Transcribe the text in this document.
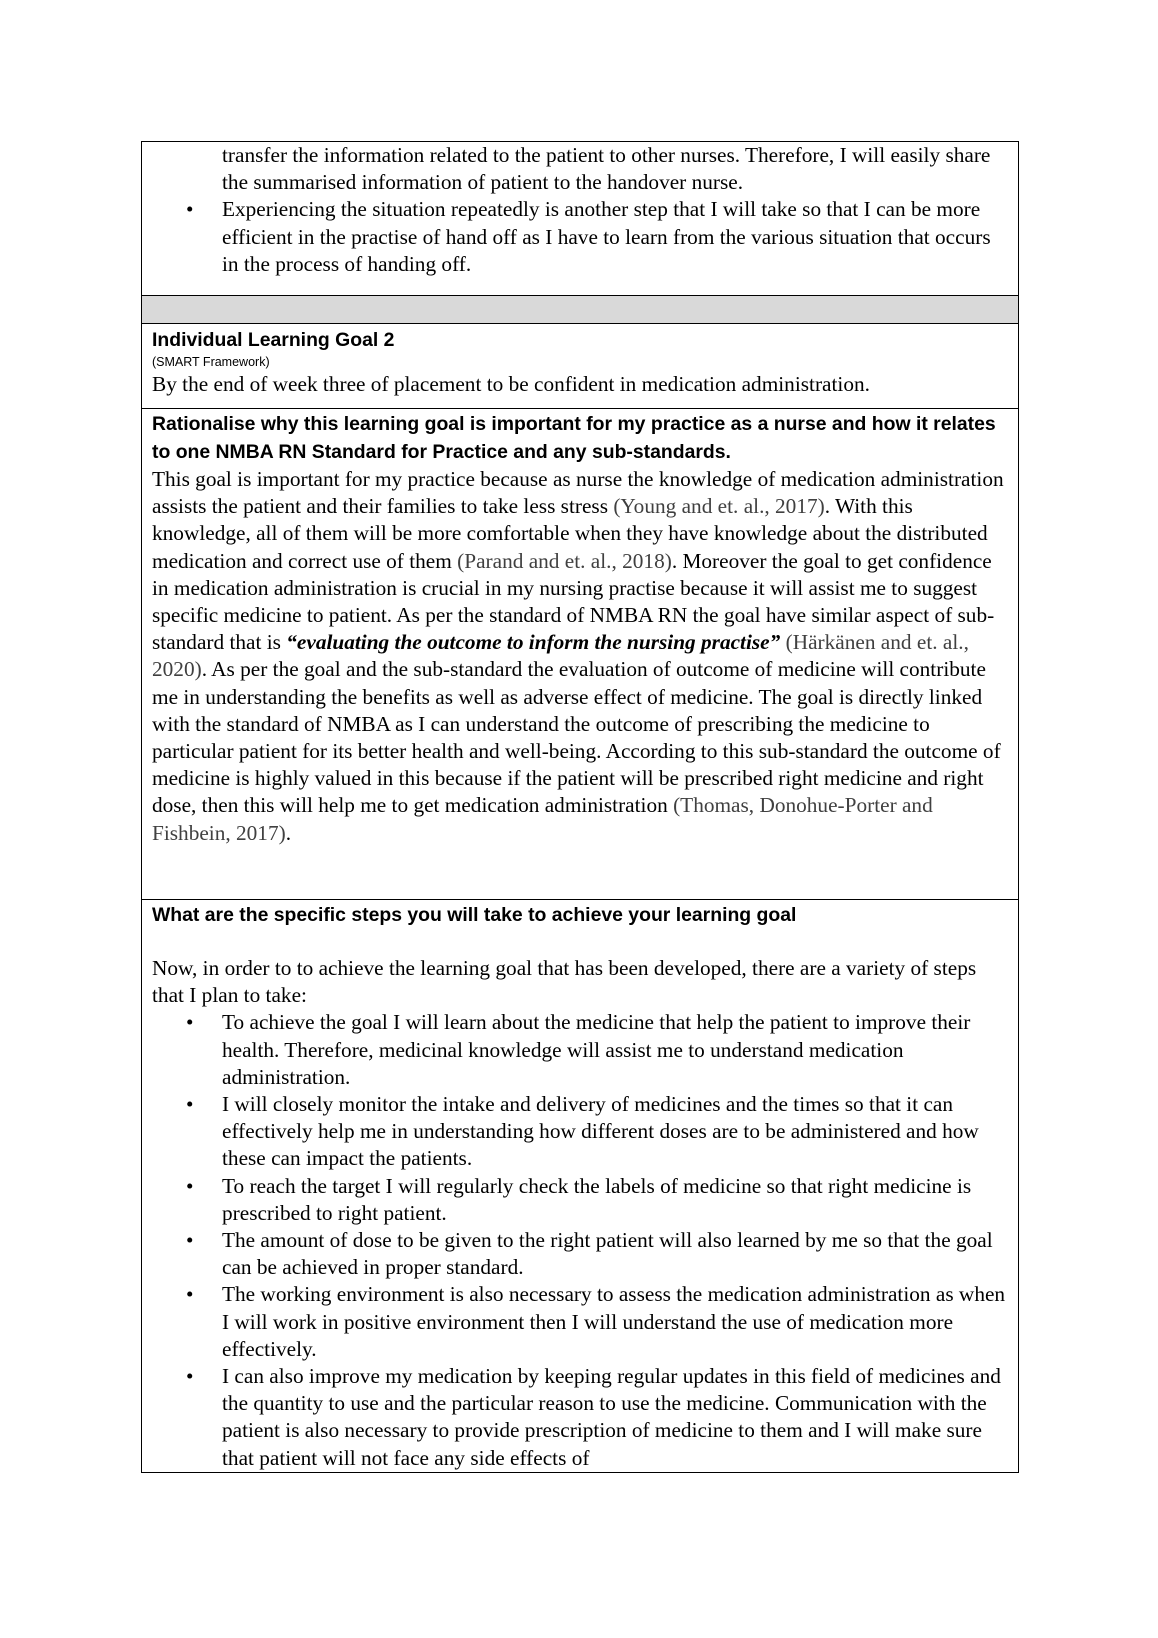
transfer the information related to the patient to other nurses. Therefore, I will easily share the summarised information of patient to the handover nurse.
• Experiencing the situation repeatedly is another step that I will take so that I can be more efficient in the practise of hand off as I have to learn from the various situation that occurs in the process of handing off.
Individual Learning Goal 2
(SMART Framework)
By the end of week three of placement to be confident in medication administration.
Rationalise why this learning goal is important for my practice as a nurse and how it relates to one NMBA RN Standard for Practice and any sub-standards.
This goal is important for my practice because as nurse the knowledge of medication administration assists the patient and their families to take less stress (Young and et. al., 2017). With this knowledge, all of them will be more comfortable when they have knowledge about the distributed medication and correct use of them (Parand and et. al., 2018). Moreover the goal to get confidence in medication administration is crucial in my nursing practise because it will assist me to suggest specific medicine to patient. As per the standard of NMBA RN the goal have similar aspect of sub-standard that is “evaluating the outcome to inform the nursing practise” (Härkänen and et. al., 2020). As per the goal and the sub-standard the evaluation of outcome of medicine will contribute me in understanding the benefits as well as adverse effect of medicine. The goal is directly linked with the standard of NMBA as I can understand the outcome of prescribing the medicine to particular patient for its better health and well-being. According to this sub-standard the outcome of medicine is highly valued in this because if the patient will be prescribed right medicine and right dose, then this will help me to get medication administration (Thomas, Donohue-Porter and Fishbein, 2017).
What are the specific steps you will take to achieve your learning goal
Now, in order to to achieve the learning goal that has been developed, there are a variety of steps that I plan to take:
• To achieve the goal I will learn about the medicine that help the patient to improve their health. Therefore, medicinal knowledge will assist me to understand medication administration.
• I will closely monitor the intake and delivery of medicines and the times so that it can effectively help me in understanding how different doses are to be administered and how these can impact the patients.
• To reach the target I will regularly check the labels of medicine so that right medicine is prescribed to right patient.
• The amount of dose to be given to the right patient will also learned by me so that the goal can be achieved in proper standard.
• The working environment is also necessary to assess the medication administration as when I will work in positive environment then I will understand the use of medication more effectively.
• I can also improve my medication by keeping regular updates in this field of medicines and the quantity to use and the particular reason to use the medicine. Communication with the patient is also necessary to provide prescription of medicine to them and I will make sure that patient will not face any side effects of
